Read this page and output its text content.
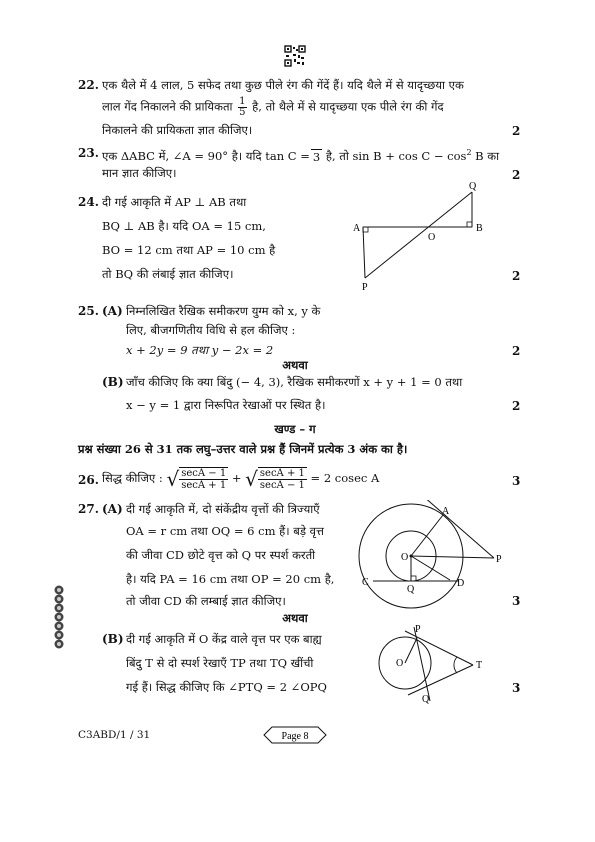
22. एक थैले में 4 लाल, 5 सफेद तथा कुछ पीले रंग की गेंदें हैं। यदि थैले में से यादृच्छया एक
लाल गेंद निकालने की प्रायिकता $\frac{1}{5}$ है, तो थैले में से यादृच्छया एक पीले रंग की गेंद
निकालने की प्रायिकता ज्ञात कीजिए।	2
23. एक ΔABC में, ∠A = 90° है। यदि tan C = 3 है, तो $\sin B + \cos C - \cos^2 B$ का
मान ज्ञात कीजिए।	2
24. दी गई आकृति में AP ⊥ AB तथा
BQ ⊥ AB है। यदि OA = 15 cm,
BO = 12 cm तथा AP = 10 cm है
तो BQ की लंबाई ज्ञात कीजिए।	2
Q
A	B
O
P
25. (A) निम्नलिखित रैखिक समीकरण युग्म को x, y के
लिए, बीजगणितीय विधि से हल कीजिए :
x + 2y = 9 तथा y − 2x = 2	2
अथवा
(B) जाँच कीजिए कि क्या बिंदु (− 4, 3), रैखिक समीकरणों x + y + 1 = 0 तथा
x − y = 1 द्वारा निरूपित रेखाओं पर स्थित है।	2
खण्ड – ग
प्रश्न संख्या 26 से 31 तक लघु–उत्तर वाले प्रश्न हैं जिनमें प्रत्येक 3 अंक का है।
26. सिद्ध कीजिए : √ secA − 1
secA + 1
+ √ secA + 1
secA − 1
= 2 cosec A	3
27. (A) दी गई आकृति में, दो संकेंद्रीय वृत्तों की त्रिज्याएँ
OA = r cm तथा OQ = 6 cm हैं। बड़े वृत्त
की जीवा CD छोटे वृत्त को Q पर स्पर्श करती
है। यदि PA = 16 cm तथा OP = 20 cm है,
तो जीवा CD की लम्बाई ज्ञात कीजिए।	3
A
O	P
C
Q
D
अथवा
(B) दी गई आकृति में O केंद्र वाले वृत्त पर एक बाह्य
बिंदु T से दो स्पर्श रेखाएँ TP तथा TQ खींची
गई हैं। सिद्ध कीजिए कि ∠PTQ = 2 ∠OPQ	3
P
O	T
Q
C3ABD/1 / 31	Page 8
